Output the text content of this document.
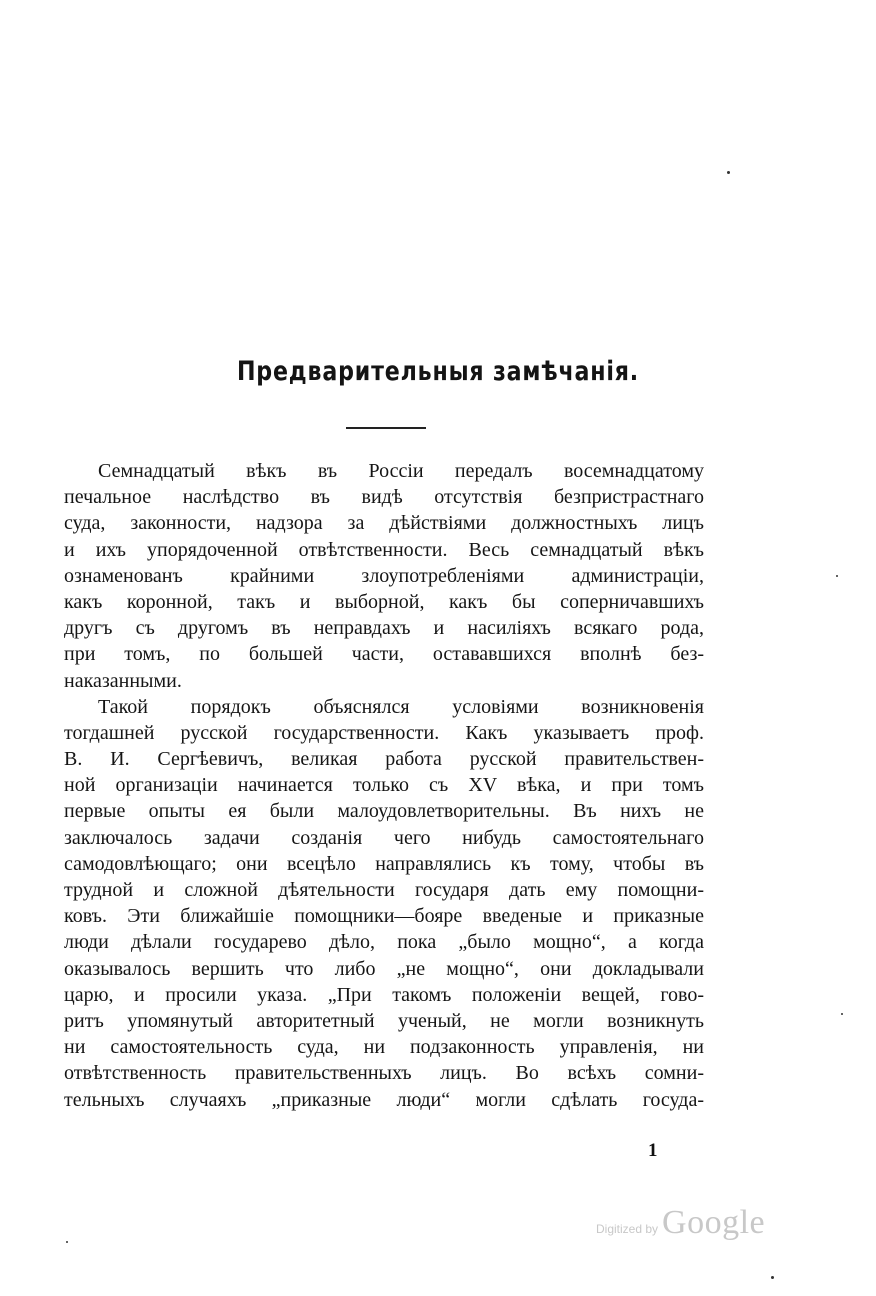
Предварительныя замѣчанія.
Семнадцатый вѣкъ въ Россіи передалъ восемнадцатому
печальное наслѣдство въ видѣ отсутствія безпристрастнаго
суда, законности, надзора за дѣйствіями должностныхъ лицъ
и ихъ упорядоченной отвѣтственности. Весь семнадцатый вѣкъ
ознаменованъ крайними злоупотребленіями администраціи,
какъ коронной, такъ и выборной, какъ бы соперничавшихъ
другъ съ другомъ въ неправдахъ и насиліяхъ всякаго рода,
при томъ, по большей части, остававшихся вполнѣ без-
наказанными.
Такой порядокъ объяснялся условіями возникновенія
тогдашней русской государственности. Какъ указываетъ проф.
В. И. Сергѣевичъ, великая работа русской правительствен-
ной организаціи начинается только съ XV вѣка, и при томъ
первые опыты ея были малоудовлетворительны. Въ нихъ не
заключалось задачи созданія чего нибудь самостоятельнаго
самодовлѣющаго; они всецѣло направлялись къ тому, чтобы въ
трудной и сложной дѣятельности государя дать ему помощни-
ковъ. Эти ближайшіе помощники—бояре введеные и приказные
люди дѣлали государево дѣло, пока „было мощно“, а когда
оказывалось вершить что либо „не мощно“, они докладывали
царю, и просили указа. „При такомъ положеніи вещей, гово-
ритъ упомянутый авторитетный ученый, не могли возникнуть
ни самостоятельность суда, ни подзаконность управленія, ни
отвѣтственность правительственныхъ лицъ. Во всѣхъ сомни-
тельныхъ случаяхъ „приказные люди“ могли сдѣлать госуда-
1
Digitized by Google
